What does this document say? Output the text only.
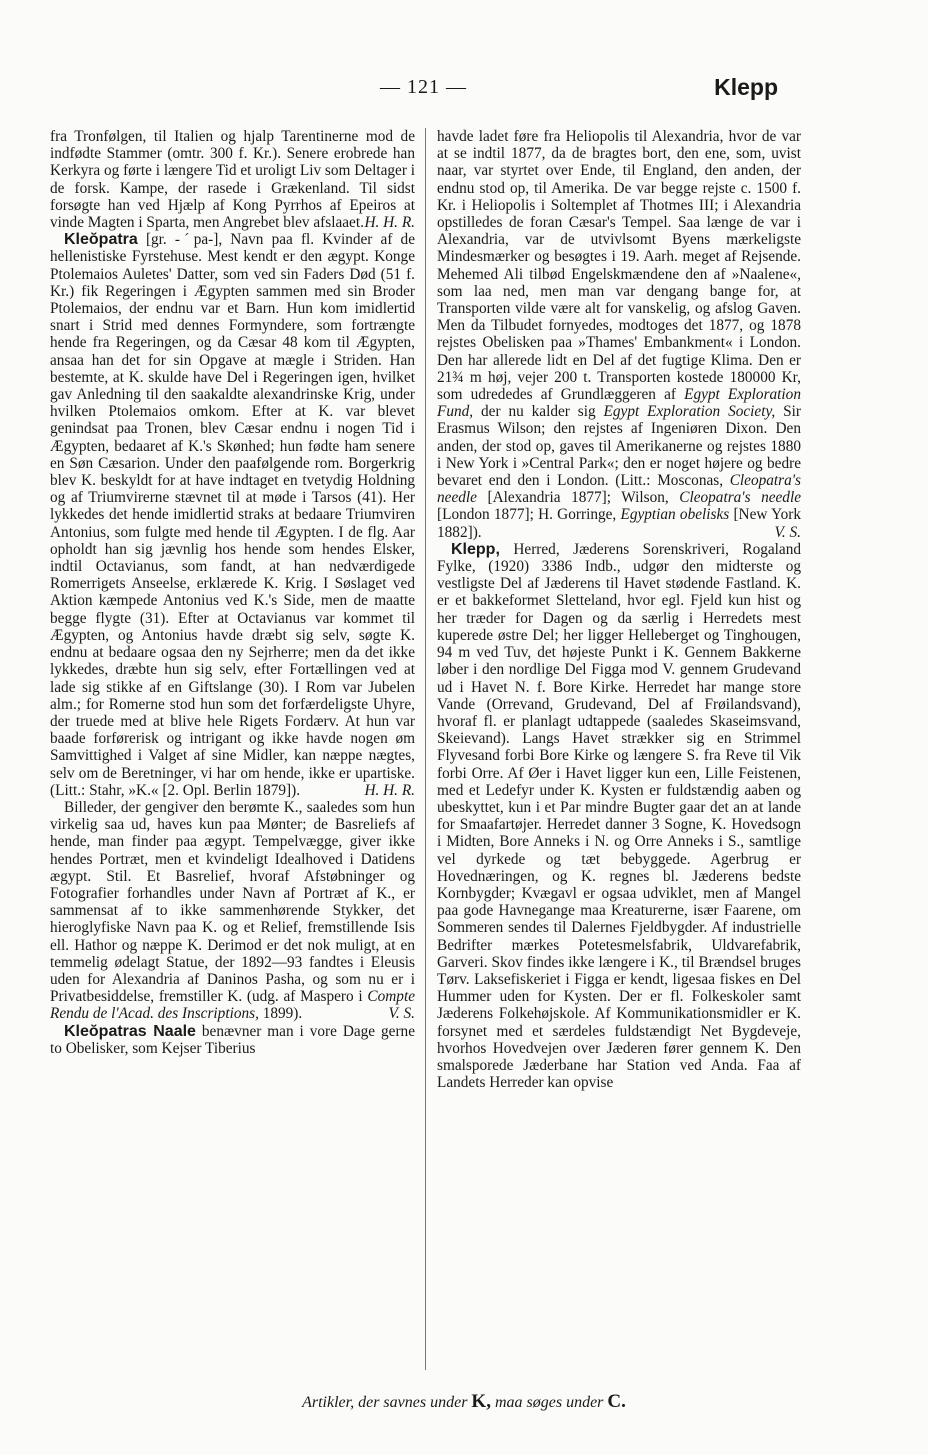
— 121 —	Klepp

fra Tronfølgen, til Italien og hjalp Tarentinerne mod de indfødte Stammer (omtr. 300 f. Kr.). Senere erobrede han Kerkyra og førte i længere Tid et uroligt Liv som Deltager i de forsk. Kampe, der rasede i Grækenland. Til sidst forsøgte han ved Hjælp af Kong Pyrrhos af Epeiros at vinde Magten i Sparta, men Angrebet blev afslaaet. H. H. R.

Kleŏpatra [gr. -ˊpa-], Navn paa fl. Kvinder af de hellenistiske Fyrstehuse. Mest kendt er den ægypt. Konge Ptolemaios Auletes' Datter, som ved sin Faders Død (51 f. Kr.) fik Regeringen i Ægypten sammen med sin Broder Ptolemaios, der endnu var et Barn. Hun kom imidlertid snart i Strid med dennes Formyndere, som fortrængte hende fra Regeringen, og da Cæsar 48 kom til Ægypten, ansaa han det for sin Opgave at mægle i Striden. Han bestemte, at K. skulde have Del i Regeringen igen, hvilket gav Anledning til den saakaldte alexandrinske Krig, under hvilken Ptolemaios omkom. Efter at K. var blevet genindsat paa Tronen, blev Cæsar endnu i nogen Tid i Ægypten, bedaaret af K.'s Skønhed; hun fødte ham senere en Søn Cæsarion. Under den paafølgende rom. Borgerkrig blev K. beskyldt for at have indtaget en tvetydig Holdning og af Triumvirerne stævnet til at møde i Tarsos (41). Her lykkedes det hende imidlertid straks at bedaare Triumviren Antonius, som fulgte med hende til Ægypten. I de flg. Aar opholdt han sig jævnlig hos hende som hendes Elsker, indtil Octavianus, som fandt, at han nedværdigede Romerrigets Anseelse, erklærede K. Krig. I Søslaget ved Aktion kæmpede Antonius ved K.'s Side, men de maatte begge flygte (31). Efter at Octavianus var kommet til Ægypten, og Antonius havde dræbt sig selv, søgte K. endnu at bedaare ogsaa den ny Sejrherre; men da det ikke lykkedes, dræbte hun sig selv, efter Fortællingen ved at lade sig stikke af en Giftslange (30). I Rom var Jubelen alm.; for Romerne stod hun som det forfærdeligste Uhyre, der truede med at blive hele Rigets Fordærv. At hun var baade forførerisk og intrigant og ikke havde nogen øm Samvittighed i Valget af sine Midler, kan næppe nægtes, selv om de Beretninger, vi har om hende, ikke er upartiske. (Litt.: Stahr, »K.« [2. Opl. Berlin 1879]).	H. H. R.

Billeder, der gengiver den berømte K., saaledes som hun virkelig saa ud, haves kun paa Mønter; de Basreliefs af hende, man finder paa ægypt. Tempelvægge, giver ikke hendes Portræt, men et kvindeligt Idealhoved i Datidens ægypt. Stil. Et Basrelief, hvoraf Afstøbninger og Fotografier forhandles under Navn af Portræt af K., er sammensat af to ikke sammenhørende Stykker, det hieroglyfiske Navn paa K. og et Relief, fremstillende Isis ell. Hathor og næppe K. Derimod er det nok muligt, at en temmelig ødelagt Statue, der 1892—93 fandtes i Eleusis uden for Alexandria af Daninos Pasha, og som nu er i Privatbesiddelse, fremstiller K. (udg. af Maspero i Compte Rendu de l'Acad. des Inscriptions, 1899).	V. S.

Kleŏpatras Naale benævner man i vore Dage gerne to Obelisker, som Kejser Tiberius

havde ladet føre fra Heliopolis til Alexandria, hvor de var at se indtil 1877, da de bragtes bort, den ene, som, uvist naar, var styrtet over Ende, til England, den anden, der endnu stod op, til Amerika. De var begge rejste c. 1500 f. Kr. i Heliopolis i Soltemplet af Thotmes III; i Alexandria opstilledes de foran Cæsar's Tempel. Saa længe de var i Alexandria, var de utvivlsomt Byens mærkeligste Mindesmærker og besøgtes i 19. Aarh. meget af Rejsende. Mehemed Ali tilbød Engelskmændene den af »Naalene«, som laa ned, men man var dengang bange for, at Transporten vilde være alt for vanskelig, og afslog Gaven. Men da Tilbudet fornyedes, modtoges det 1877, og 1878 rejstes Obelisken paa »Thames' Embankment« i London. Den har allerede lidt en Del af det fugtige Klima. Den er 21¾ m høj, vejer 200 t. Transporten kostede 180000 Kr, som udrededes af Grundlæggeren af Egypt Exploration Fund, der nu kalder sig Egypt Exploration Society, Sir Erasmus Wilson; den rejstes af Ingeniøren Dixon. Den anden, der stod op, gaves til Amerikanerne og rejstes 1880 i New York i »Central Park«; den er noget højere og bedre bevaret end den i London. (Litt.: Mosconas, Cleopatra's needle [Alexandria 1877]; Wilson, Cleopatra's needle [London 1877]; H. Gorringe, Egyptian obelisks [New York 1882]).	V. S.

Klepp, Herred, Jæderens Sorenskriveri, Rogaland Fylke, (1920) 3386 Indb., udgør den midterste og vestligste Del af Jæderens til Havet stødende Fastland. K. er et bakkeformet Sletteland, hvor egl. Fjeld kun hist og her træder for Dagen og da særlig i Herredets mest kuperede østre Del; her ligger Helleberget og Tinghougen, 94 m ved Tuv, det højeste Punkt i K. Gennem Bakkerne løber i den nordlige Del Figga mod V. gennem Grudevand ud i Havet N. f. Bore Kirke. Herredet har mange store Vande (Orrevand, Grudevand, Del af Frøilandsvand), hvoraf fl. er planlagt udtappede (saaledes Skaseimsvand, Skeievand). Langs Havet strækker sig en Strimmel Flyvesand forbi Bore Kirke og længere S. fra Reve til Vik forbi Orre. Af Øer i Havet ligger kun een, Lille Feistenen, med et Ledefyr under K. Kysten er fuldstændig aaben og ubeskyttet, kun i et Par mindre Bugter gaar det an at lande for Smaafartøjer. Herredet danner 3 Sogne, K. Hovedsogn i Midten, Bore Anneks i N. og Orre Anneks i S., samtlige vel dyrkede og tæt bebyggede. Agerbrug er Hovednæringen, og K. regnes bl. Jæderens bedste Kornbygder; Kvægavl er ogsaa udviklet, men af Mangel paa gode Havnegange maa Kreaturerne, især Faarene, om Sommeren sendes til Dalernes Fjeldbygder. Af industrielle Bedrifter mærkes Potetesmelsfabrik, Uldvarefabrik, Garveri. Skov findes ikke længere i K., til Brændsel bruges Tørv. Laksefiskeriet i Figga er kendt, ligesaa fiskes en Del Hummer uden for Kysten. Der er fl. Folkeskoler samt Jæderens Folkehøjskole. Af Kommunikationsmidler er K. forsynet med et særdeles fuldstændigt Net Bygdeveje, hvorhos Hovedvejen over Jæderen fører gennem K. Den smalsporede Jæderbane har Station ved Anda. Faa af Landets Herreder kan opvise

Artikler, der savnes under K, maa søges under C.
